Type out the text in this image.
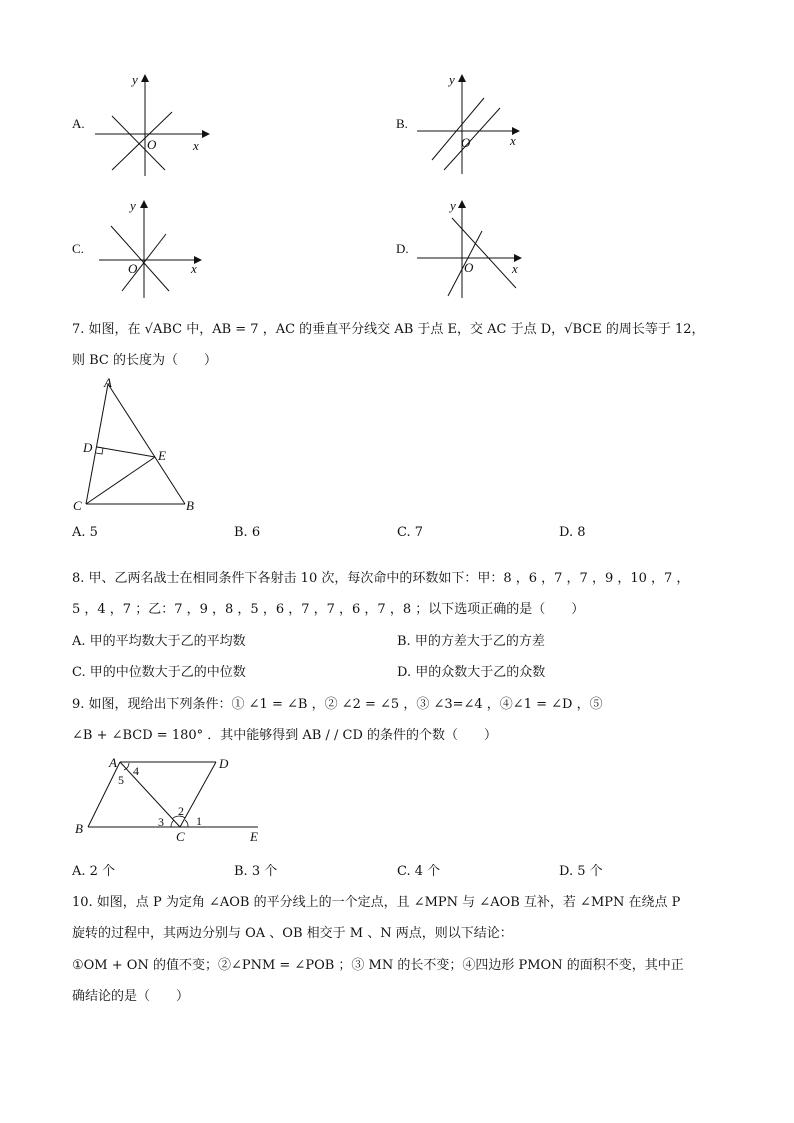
A.
y
x
O
B.
y
x
O
C.
y
x
O
D.
y
x
O
7. 如图，在 √ABC 中，AB = 7 ，AC 的垂直平分线交 AB 于点 E，交 AC 于点 D，√BCE 的周长等于 12，
则 BC 的长度为（　　）
A
D
E
C	B
A. 5	B. 6	C. 7	D. 8
8. 甲、乙两名战士在相同条件下各射击 10 次，每次命中的环数如下：甲：8 ，6 ，7 ，7 ，9 ，10 ，7 ，
5 ，4 ，7 ；乙：7 ，9 ，8 ，5 ，6 ，7 ，7 ，6 ，7 ，8 ；以下选项正确的是（　　）
A. 甲的平均数大于乙的平均数	B. 甲的方差大于乙的方差
C. 甲的中位数大于乙的中位数	D. 甲的众数大于乙的众数
9. 如图，现给出下列条件：① ∠1 = ∠B ，② ∠2 = ∠5 ，③ ∠3=∠4 ，④∠1 = ∠D ，⑤
∠B + ∠BCD = 180° ．其中能够得到 AB / / CD 的条件的个数（　　）
A	D
B
C	E
4
5
2
3	1
A. 2 个	B. 3 个	C. 4 个	D. 5 个
10. 如图，点 P 为定角 ∠AOB 的平分线上的一个定点，且 ∠MPN 与 ∠AOB 互补，若 ∠MPN 在绕点 P
旋转的过程中，其两边分别与 OA 、OB 相交于 M 、N 两点，则以下结论：
①OM + ON 的值不变；②∠PNM = ∠POB ；③ MN 的长不变；④四边形 PMON 的面积不变，其中正
确结论的是（　　）
